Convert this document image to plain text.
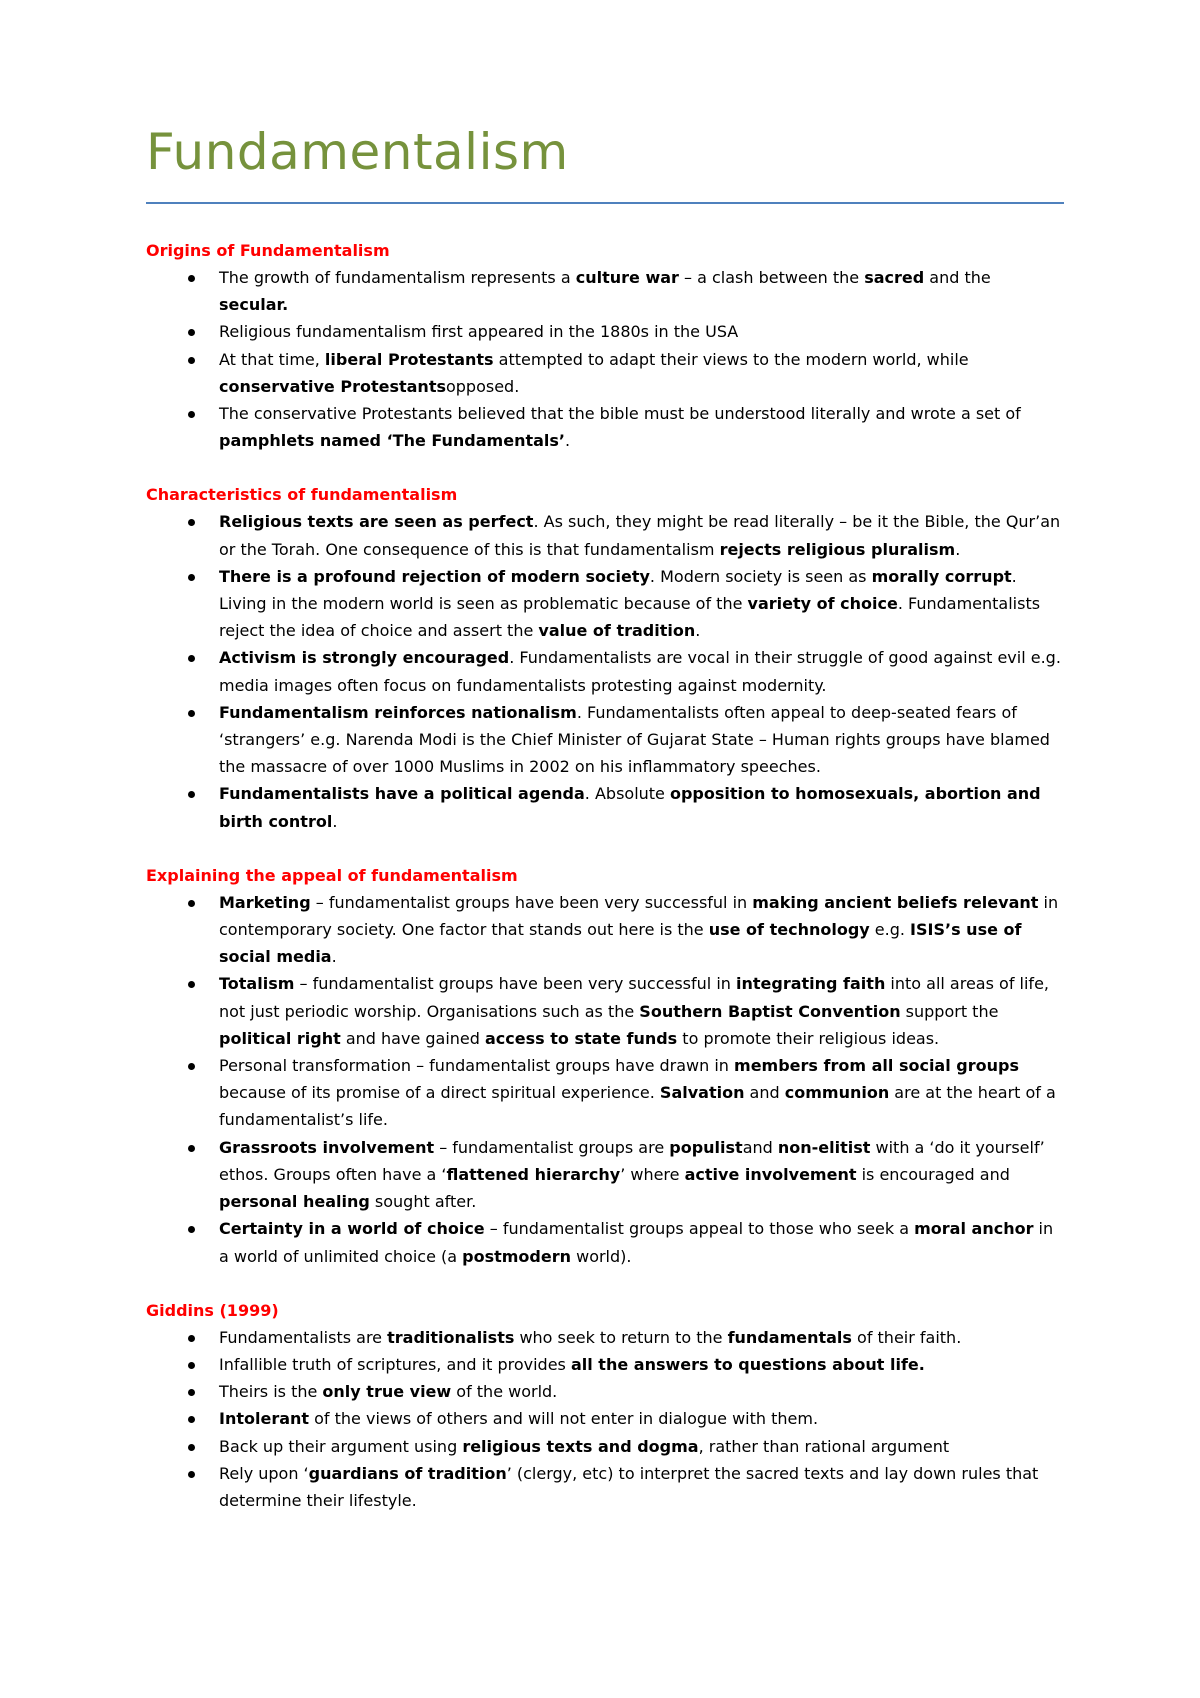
Fundamentalism

Origins of Fundamentalism

The growth of fundamentalism represents a culture war – a clash between the sacred and the secular.
Religious fundamentalism first appeared in the 1880s in the USA
At that time, liberal Protestants attempted to adapt their views to the modern world, while conservative Protestantsopposed.
The conservative Protestants believed that the bible must be understood literally and wrote a set of pamphlets named ‘The Fundamentals’.

Characteristics of fundamentalism

Religious texts are seen as perfect. As such, they might be read literally – be it the Bible, the Qur’an or the Torah. One consequence of this is that fundamentalism rejects religious pluralism.
There is a profound rejection of modern society. Modern society is seen as morally corrupt. Living in the modern world is seen as problematic because of the variety of choice. Fundamentalists reject the idea of choice and assert the value of tradition.
Activism is strongly encouraged. Fundamentalists are vocal in their struggle of good against evil e.g. media images often focus on fundamentalists protesting against modernity.
Fundamentalism reinforces nationalism. Fundamentalists often appeal to deep-seated fears of ‘strangers’ e.g. Narenda Modi is the Chief Minister of Gujarat State – Human rights groups have blamed the massacre of over 1000 Muslims in 2002 on his inflammatory speeches.
Fundamentalists have a political agenda. Absolute opposition to homosexuals, abortion and birth control.

Explaining the appeal of fundamentalism

Marketing – fundamentalist groups have been very successful in making ancient beliefs relevant in contemporary society. One factor that stands out here is the use of technology e.g. ISIS’s use of social media.
Totalism – fundamentalist groups have been very successful in integrating faith into all areas of life, not just periodic worship. Organisations such as the Southern Baptist Convention support the political right and have gained access to state funds to promote their religious ideas.
Personal transformation – fundamentalist groups have drawn in members from all social groups because of its promise of a direct spiritual experience. Salvation and communion are at the heart of a fundamentalist’s life.
Grassroots involvement – fundamentalist groups are populistand non-elitist with a ‘do it yourself’ ethos. Groups often have a ‘flattened hierarchy’ where active involvement is encouraged and personal healing sought after.
Certainty in a world of choice – fundamentalist groups appeal to those who seek a moral anchor in a world of unlimited choice (a postmodern world).

Giddins (1999)

Fundamentalists are traditionalists who seek to return to the fundamentals of their faith.
Infallible truth of scriptures, and it provides all the answers to questions about life.
Theirs is the only true view of the world.
Intolerant of the views of others and will not enter in dialogue with them.
Back up their argument using religious texts and dogma, rather than rational argument
Rely upon ‘guardians of tradition’ (clergy, etc) to interpret the sacred texts and lay down rules that determine their lifestyle.
